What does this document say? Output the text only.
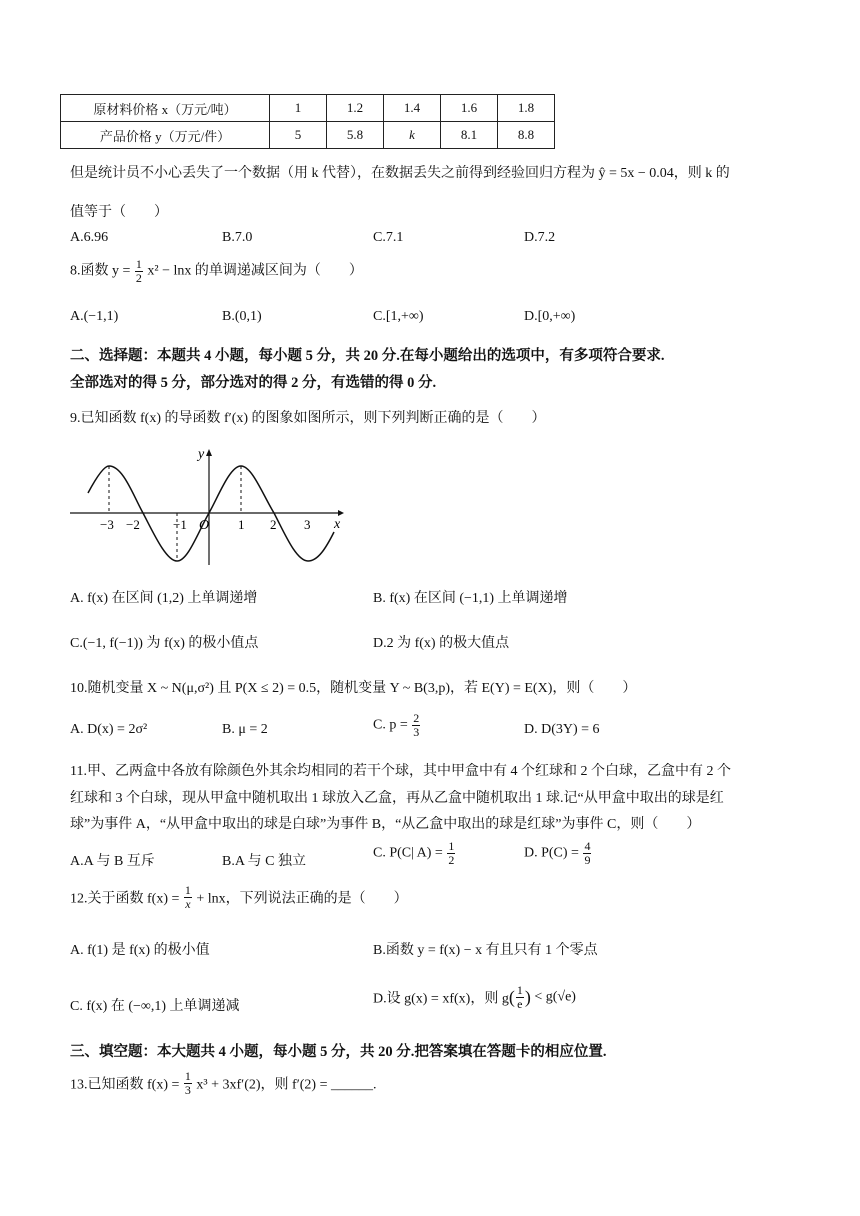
原材料价格 x（万元/吨）	1	1.2	1.4	1.6	1.8
产品价格 y（万元/件）	5	5.8	k	8.1	8.8
但是统计员不小心丢失了一个数据（用 k 代替），在数据丢失之前得到经验回归方程为 ŷ = 5x − 0.04，则 k 的
值等于（　　）
A.6.96	B.7.0	C.7.1	D.7.2
8.函数 $y = \frac{1}{2} x^2 - \ln x$ 的单调递减区间为（　　）
A.(−1,1)	B.(0,1)	C.[1,+∞)	D.[0,+∞)
二、选择题：本题共 4 小题，每小题 5 分，共 20 分.在每小题给出的选项中，有多项符合要求.
全部选对的得 5 分，部分选对的得 2 分，有选错的得 0 分.
9.已知函数 f(x) 的导函数 f′(x) 的图象如图所示，则下列判断正确的是（　　）
y
x
O
−3 −2	−1	1 2 3
A. f(x) 在区间 (1,2) 上单调递增	B. f(x) 在区间 (−1,1) 上单调递增
C.(−1, f(−1)) 为 f(x) 的极小值点	D.2 为 f(x) 的极大值点
10.随机变量 X ~ N(μ,σ²) 且 P(X ≤ 2) = 0.5，随机变量 Y ~ B(3,p)，若 E(Y) = E(X)，则（　　）
A. D(x) = 2σ²	B. μ = 2	C. $p = \frac{2}{3}$	D. D(3Y) = 6
11.甲、乙两盒中各放有除颜色外其余均相同的若干个球，其中甲盒中有 4 个红球和 2 个白球，乙盒中有 2 个
红球和 3 个白球，现从甲盒中随机取出 1 球放入乙盒，再从乙盒中随机取出 1 球.记“从甲盒中取出的球是红
球”为事件 A，“从甲盒中取出的球是白球”为事件 B，“从乙盒中取出的球是红球”为事件 C，则（　　）
A.A 与 B 互斥	B.A 与 C 独立
C. P(C| $A) = \frac{1}{2}$	D. $P(C) = \frac{4}{9}$
12.关于函数 $f(x) = \frac{1}{x} + \ln x$，下列说法正确的是（　　）
A. f(1) 是 f(x) 的极小值	B.函数 y = f(x) − x 有且只有 1 个零点
C. f(x) 在 (−∞,1) 上单调递减	D.设 g(x) = xf(x)，则 $g( \frac{1}{e}$ ) < g(√e)
三、填空题：本大题共 4 小题，每小题 5 分，共 20 分.把答案填在答题卡的相应位置.
13.已知函数 $f(x) = \frac{1}{3} x^3 + 3xf'(2)$，则 f′(2) = ______.
